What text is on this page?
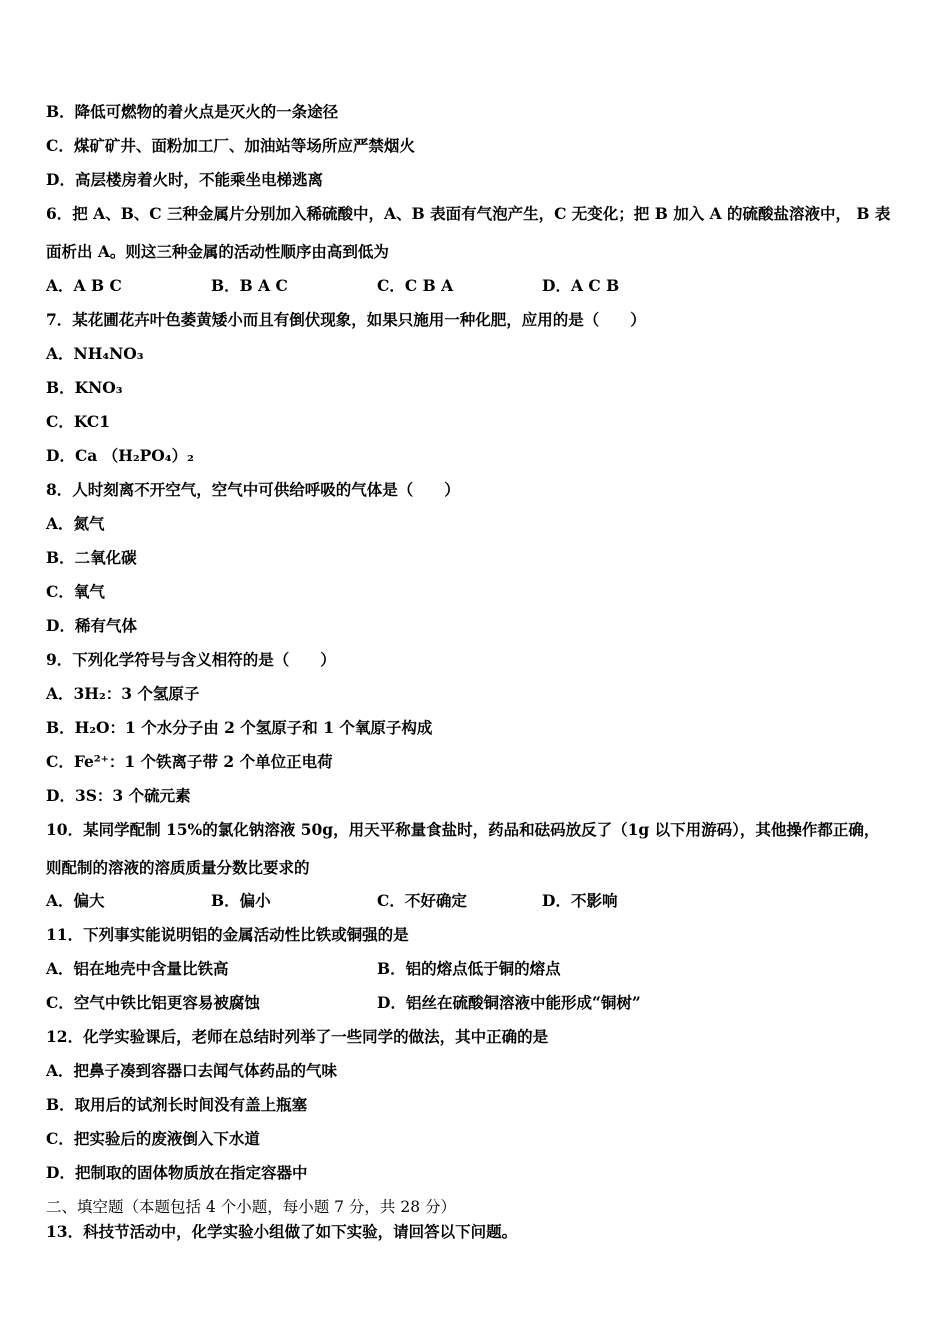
B．降低可燃物的着火点是灭火的一条途径
C．煤矿矿井、面粉加工厂、加油站等场所应严禁烟火
D．高层楼房着火时，不能乘坐电梯逃离
6．把 A、B、C 三种金属片分别加入稀硫酸中，A、B 表面有气泡产生，C 无变化；把 B 加入 A 的硫酸盐溶液中， B 表
面析出 A。则这三种金属的活动性顺序由高到低为
A．A B C	B．B A C	C．C B A	D．A C B
7．某花圃花卉叶色萎黄矮小而且有倒伏现象，如果只施用一种化肥，应用的是（　　）
A．NH₄NO₃
B．KNO₃
C．KC1
D．Ca （H₂PO₄）₂
8．人时刻离不开空气，空气中可供给呼吸的气体是（　　）
A．氮气
B．二氧化碳
C．氧气
D．稀有气体
9．下列化学符号与含义相符的是（　　）
A．3H₂：3 个氢原子
B．H₂O：1 个水分子由 2 个氢原子和 1 个氧原子构成
C．Fe²⁺：1 个铁离子带 2 个单位正电荷
D．3S：3 个硫元素
10．某同学配制 15%的氯化钠溶液 50g，用天平称量食盐时，药品和砝码放反了（1g 以下用游码），其他操作都正确，
则配制的溶液的溶质质量分数比要求的
A．偏大	B．偏小	C．不好确定	D．不影响
11．下列事实能说明铝的金属活动性比铁或铜强的是
A．铝在地壳中含量比铁高	B．铝的熔点低于铜的熔点
C．空气中铁比铝更容易被腐蚀	D．铝丝在硫酸铜溶液中能形成“铜树”
12．化学实验课后，老师在总结时列举了一些同学的做法，其中正确的是
A．把鼻子凑到容器口去闻气体药品的气味
B．取用后的试剂长时间没有盖上瓶塞
C．把实验后的废液倒入下水道
D．把制取的固体物质放在指定容器中
二、填空题（本题包括 4 个小题，每小题 7 分，共 28 分）
13．科技节活动中，化学实验小组做了如下实验，请回答以下问题。
